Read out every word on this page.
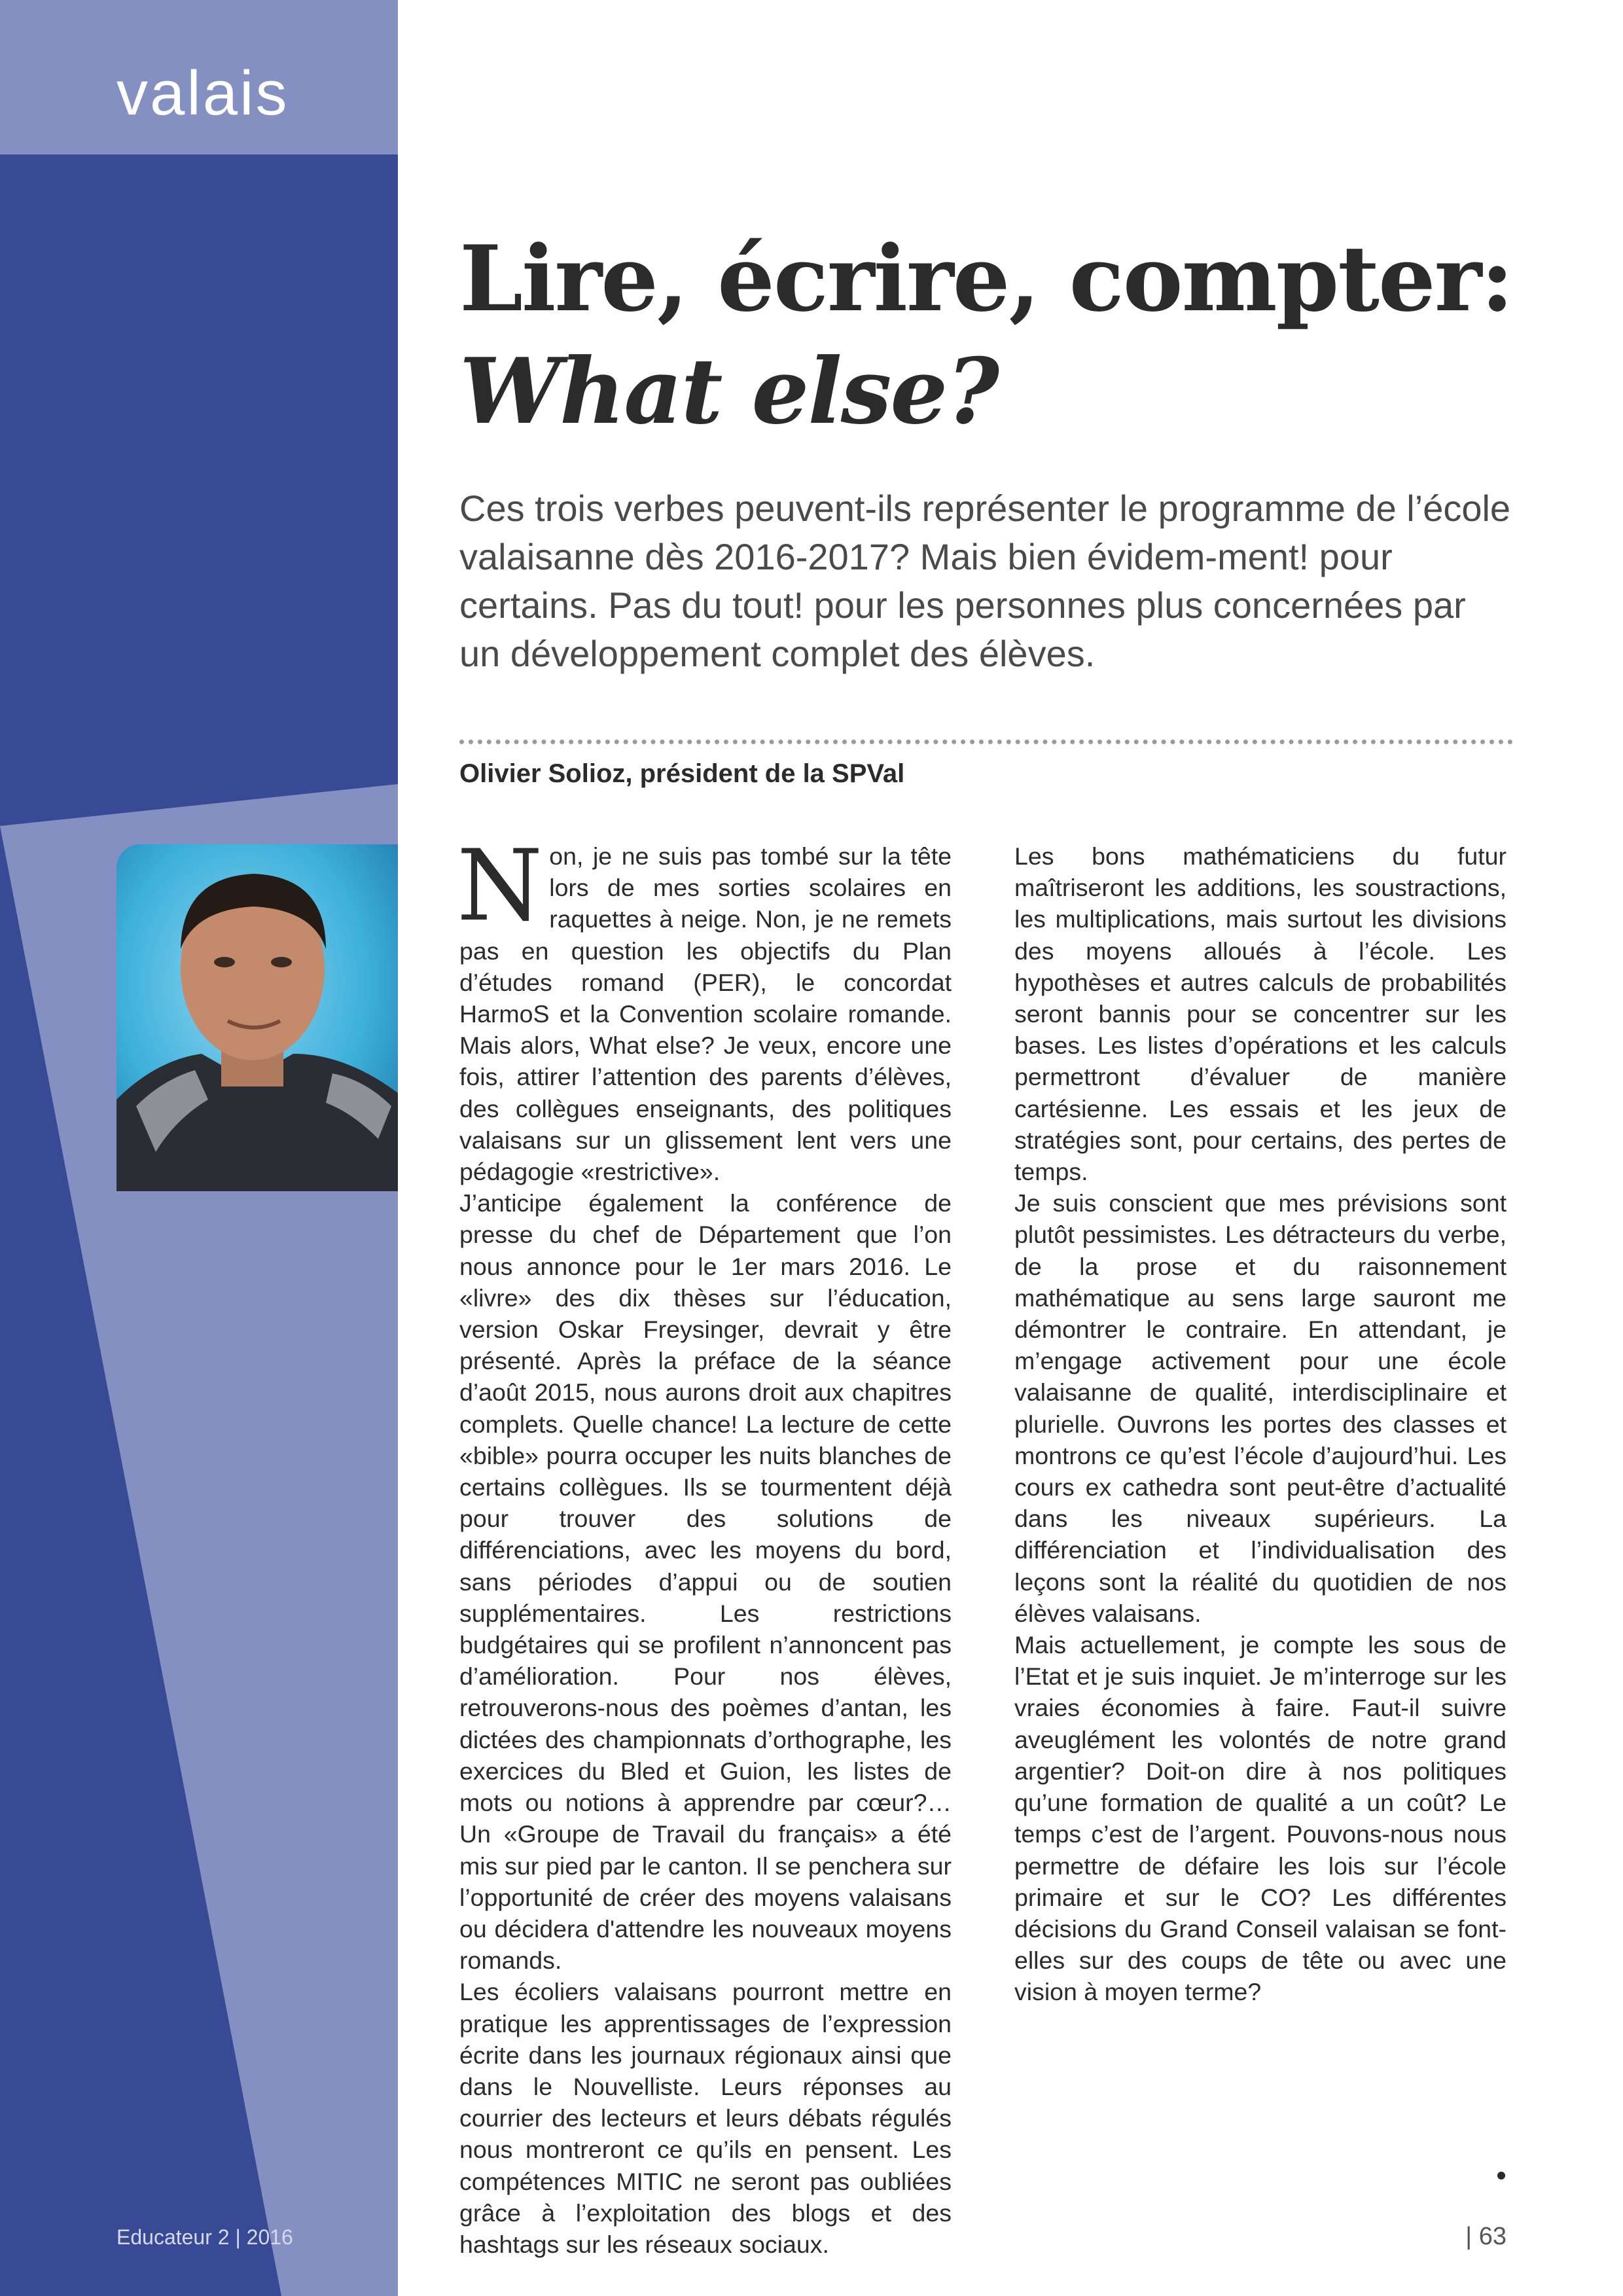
valais
Lire, écrire, compter:
What else?

Ces trois verbes peuvent-ils représenter le programme de l’école valaisanne dès 2016-2017? Mais bien évidem-ment! pour certains. Pas du tout! pour les personnes plus concernées par un développement complet des élèves.

Olivier Solioz, président de la SPVal

Non, je ne suis pas tombé sur la tête lors de mes sorties scolaires en raquettes à neige. Non, je ne remets pas en question les objectifs du Plan d’études romand (PER), le concordat HarmoS et la Convention scolaire romande. Mais alors, What else? Je veux, encore une fois, attirer l’attention des parents d’élèves, des collègues enseignants, des politiques valaisans sur un glissement lent vers une pédagogie «restrictive».

J’anticipe également la conférence de presse du chef de Département que l’on nous annonce pour le 1er mars 2016. Le «livre» des dix thèses sur l’éducation, version Oskar Freysinger, devrait y être présenté. Après la préface de la séance d’août 2015, nous aurons droit aux chapitres complets. Quelle chance! La lecture de cette «bible» pourra occuper les nuits blanches de certains collègues. Ils se tourmentent déjà pour trouver des solutions de différenciations, avec les moyens du bord, sans périodes d’appui ou de soutien supplémentaires. Les restrictions budgétaires qui se profilent n’annoncent pas d’amélioration. Pour nos élèves, retrouverons-nous des poèmes d’antan, les dictées des championnats d’orthographe, les exercices du Bled et Guion, les listes de mots ou notions à apprendre par cœur?… Un «Groupe de Travail du français» a été mis sur pied par le canton. Il se penchera sur l’opportunité de créer des moyens valaisans ou décidera d'attendre les nouveaux moyens romands.

Les écoliers valaisans pourront mettre en pratique les apprentissages de l’expression écrite dans les journaux régionaux ainsi que dans le Nouvelliste. Leurs réponses au courrier des lecteurs et leurs débats régulés nous montreront ce qu’ils en pensent. Les compétences MITIC ne seront pas oubliées grâce à l’exploitation des blogs et des hashtags sur les réseaux sociaux.

Les bons mathématiciens du futur maîtriseront les additions, les soustractions, les multiplications, mais surtout les divisions des moyens alloués à l’école. Les hypothèses et autres calculs de probabilités seront bannis pour se concentrer sur les bases. Les listes d’opérations et les calculs permettront d’évaluer de manière cartésienne. Les essais et les jeux de stratégies sont, pour certains, des pertes de temps.

Je suis conscient que mes prévisions sont plutôt pessimistes. Les détracteurs du verbe, de la prose et du raisonnement mathématique au sens large sauront me démontrer le contraire. En attendant, je m’engage activement pour une école valaisanne de qualité, interdisciplinaire et plurielle. Ouvrons les portes des classes et montrons ce qu’est l’école d’aujourd’hui. Les cours ex cathedra sont peut-être d’actualité dans les niveaux supérieurs. La différenciation et l’individualisation des leçons sont la réalité du quotidien de nos élèves valaisans.

Mais actuellement, je compte les sous de l’Etat et je suis inquiet. Je m’interroge sur les vraies économies à faire. Faut-il suivre aveuglément les volontés de notre grand argentier? Doit-on dire à nos politiques qu’une formation de qualité a un coût? Le temps c’est de l’argent. Pouvons-nous nous permettre de défaire les lois sur l’école primaire et sur le CO? Les différentes décisions du Grand Conseil valaisan se font-elles sur des coups de tête ou avec une vision à moyen terme?

Educateur 2 | 2016	| 63
